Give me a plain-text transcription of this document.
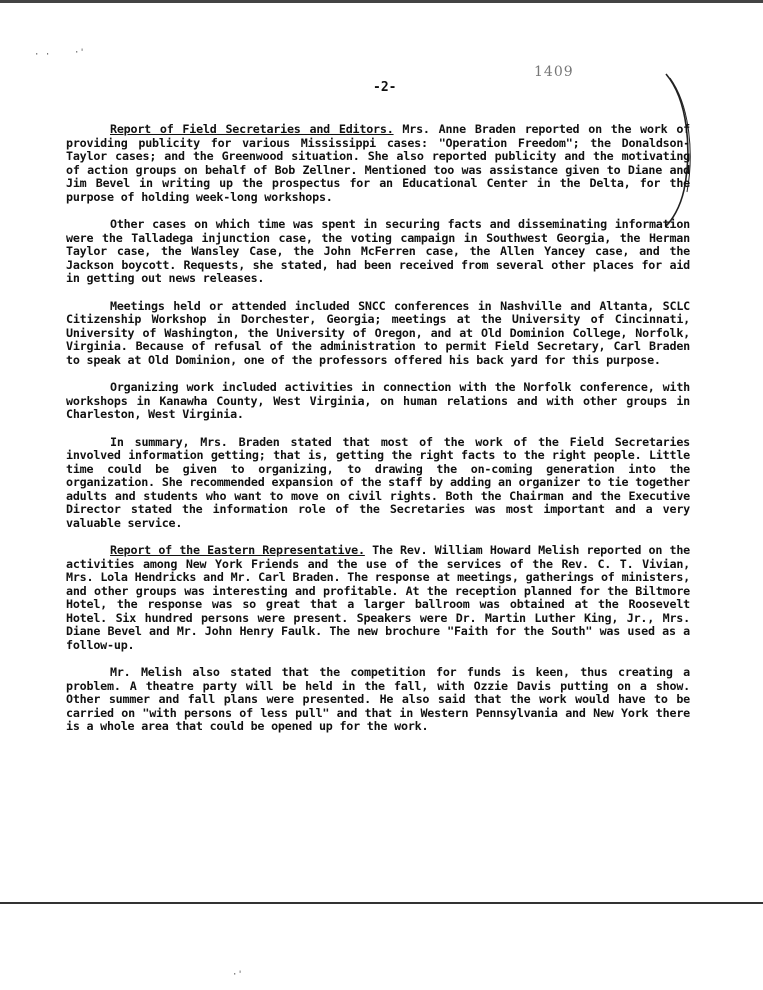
· ·	·'
·'
1409
-2-

Report of Field Secretaries and Editors. Mrs. Anne Braden reported on the work of providing publicity for various Mississippi cases: "Operation Freedom"; the Donaldson-Taylor cases; and the Greenwood situation. She also reported publicity and the motivating of action groups on behalf of Bob Zellner. Mentioned too was assistance given to Diane and Jim Bevel in writing up the prospectus for an Educational Center in the Delta, for the purpose of holding week-long workshops.

Other cases on which time was spent in securing facts and disseminating information were the Talladega injunction case, the voting campaign in Southwest Georgia, the Herman Taylor case, the Wansley Case, the John McFerren case, the Allen Yancey case, and the Jackson boycott. Requests, she stated, had been received from several other places for aid in getting out news releases.

Meetings held or attended included SNCC conferences in Nashville and Altanta, SCLC Citizenship Workshop in Dorchester, Georgia; meetings at the University of Cincinnati, University of Washington, the University of Oregon, and at Old Dominion College, Norfolk, Virginia. Because of refusal of the administration to permit Field Secretary, Carl Braden to speak at Old Dominion, one of the professors offered his back yard for this purpose.

Organizing work included activities in connection with the Norfolk conference, with workshops in Kanawha County, West Virginia, on human relations and with other groups in Charleston, West Virginia.

In summary, Mrs. Braden stated that most of the work of the Field Secretaries involved information getting; that is, getting the right facts to the right people. Little time could be given to organizing, to drawing the on-coming generation into the organization. She recommended expansion of the staff by adding an organizer to tie together adults and students who want to move on civil rights. Both the Chairman and the Executive Director stated the information role of the Secretaries was most important and a very valuable service.

Report of the Eastern Representative. The Rev. William Howard Melish reported on the activities among New York Friends and the use of the services of the Rev. C. T. Vivian, Mrs. Lola Hendricks and Mr. Carl Braden. The response at meetings, gatherings of ministers, and other groups was interesting and profitable. At the reception planned for the Biltmore Hotel, the response was so great that a larger ballroom was obtained at the Roosevelt Hotel. Six hundred persons were present. Speakers were Dr. Martin Luther King, Jr., Mrs. Diane Bevel and Mr. John Henry Faulk. The new brochure "Faith for the South" was used as a follow-up.

Mr. Melish also stated that the competition for funds is keen, thus creating a problem. A theatre party will be held in the fall, with Ozzie Davis putting on a show. Other summer and fall plans were presented. He also said that the work would have to be carried on "with persons of less pull" and that in Western Pennsylvania and New York there is a whole area that could be opened up for the work.
